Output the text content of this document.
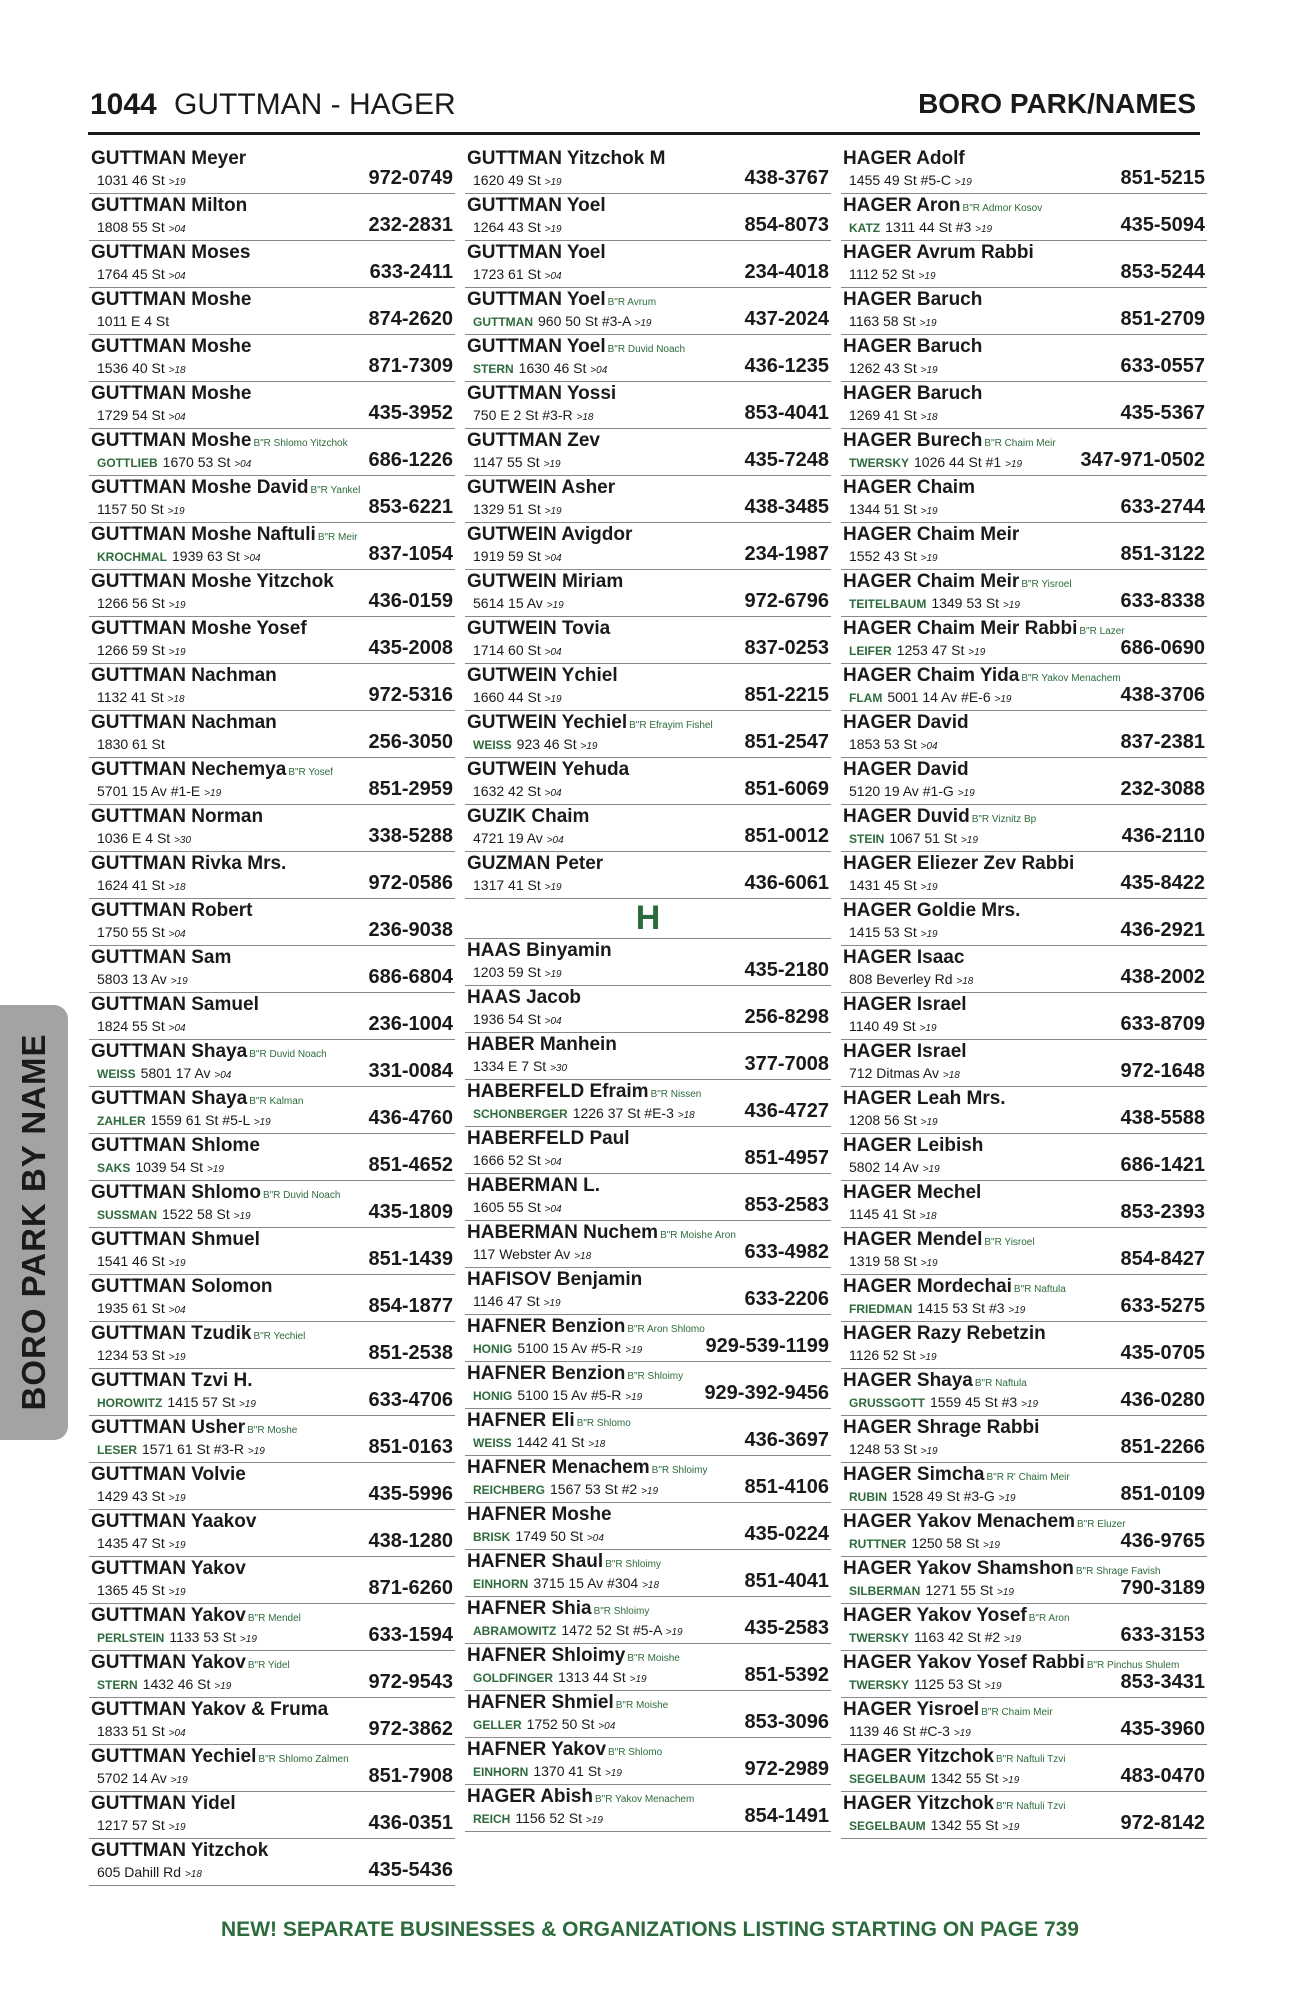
1044 GUTTMAN - HAGER	BORO PARK/NAMES
BORO PARK BY NAME
GUTTMAN Meyer
1031 46 St >19	972-0749
GUTTMAN Milton
1808 55 St >04	232-2831
GUTTMAN Moses
1764 45 St >04	633-2411
GUTTMAN Moshe
1011 E 4 St	874-2620
GUTTMAN Moshe
1536 40 St >18	871-7309
GUTTMAN Moshe
1729 54 St >04	435-3952
GUTTMAN Moshe B"R Shlomo Yitzchok
GOTTLIEB 1670 53 St >04	686-1226
GUTTMAN Moshe David B"R Yankel
1157 50 St >19	853-6221
GUTTMAN Moshe Naftuli B"R Meir
KROCHMAL 1939 63 St >04	837-1054
GUTTMAN Moshe Yitzchok
1266 56 St >19	436-0159
GUTTMAN Moshe Yosef
1266 59 St >19	435-2008
GUTTMAN Nachman
1132 41 St >18	972-5316
GUTTMAN Nachman
1830 61 St	256-3050
GUTTMAN Nechemya B"R Yosef
5701 15 Av #1-E >19	851-2959
GUTTMAN Norman
1036 E 4 St >30	338-5288
GUTTMAN Rivka Mrs.
1624 41 St >18	972-0586
GUTTMAN Robert
1750 55 St >04	236-9038
GUTTMAN Sam
5803 13 Av >19	686-6804
GUTTMAN Samuel
1824 55 St >04	236-1004
GUTTMAN Shaya B"R Duvid Noach
WEISS 5801 17 Av >04	331-0084
GUTTMAN Shaya B"R Kalman
ZAHLER 1559 61 St #5-L >19	436-4760
GUTTMAN Shlome
SAKS 1039 54 St >19	851-4652
GUTTMAN Shlomo B"R Duvid Noach
SUSSMAN 1522 58 St >19	435-1809
GUTTMAN Shmuel
1541 46 St >19	851-1439
GUTTMAN Solomon
1935 61 St >04	854-1877
GUTTMAN Tzudik B"R Yechiel
1234 53 St >19	851-2538
GUTTMAN Tzvi H.
HOROWITZ 1415 57 St >19	633-4706
GUTTMAN Usher B"R Moshe
LESER 1571 61 St #3-R >19	851-0163
GUTTMAN Volvie
1429 43 St >19	435-5996
GUTTMAN Yaakov
1435 47 St >19	438-1280
GUTTMAN Yakov
1365 45 St >19	871-6260
GUTTMAN Yakov B"R Mendel
PERLSTEIN 1133 53 St >19	633-1594
GUTTMAN Yakov B"R Yidel
STERN 1432 46 St >19	972-9543
GUTTMAN Yakov & Fruma
1833 51 St >04	972-3862
GUTTMAN Yechiel B"R Shlomo Zalmen
5702 14 Av >19	851-7908
GUTTMAN Yidel
1217 57 St >19	436-0351
GUTTMAN Yitzchok
605 Dahill Rd >18	435-5436
GUTTMAN Yitzchok M
1620 49 St >19	438-3767
GUTTMAN Yoel
1264 43 St >19	854-8073
GUTTMAN Yoel
1723 61 St >04	234-4018
GUTTMAN Yoel B"R Avrum
GUTTMAN 960 50 St #3-A >19	437-2024
GUTTMAN Yoel B"R Duvid Noach
STERN 1630 46 St >04	436-1235
GUTTMAN Yossi
750 E 2 St #3-R >18	853-4041
GUTTMAN Zev
1147 55 St >19	435-7248
GUTWEIN Asher
1329 51 St >19	438-3485
GUTWEIN Avigdor
1919 59 St >04	234-1987
GUTWEIN Miriam
5614 15 Av >19	972-6796
GUTWEIN Tovia
1714 60 St >04	837-0253
GUTWEIN Ychiel
1660 44 St >19	851-2215
GUTWEIN Yechiel B"R Efrayim Fishel
WEISS 923 46 St >19	851-2547
GUTWEIN Yehuda
1632 42 St >04	851-6069
GUZIK Chaim
4721 19 Av >04	851-0012
GUZMAN Peter
1317 41 St >19	436-6061
H
HAAS Binyamin
1203 59 St >19	435-2180
HAAS Jacob
1936 54 St >04	256-8298
HABER Manhein
1334 E 7 St >30	377-7008
HABERFELD Efraim B"R Nissen
SCHONBERGER 1226 37 St #E-3 >18 436-4727
HABERFELD Paul
1666 52 St >04	851-4957
HABERMAN L.
1605 55 St >04	853-2583
HABERMAN Nuchem B"R Moishe Aron
117 Webster Av >18	633-4982
HAFISOV Benjamin
1146 47 St >19	633-2206
HAFNER Benzion B"R Aron Shlomo
HONIG 5100 15 Av #5-R >19	929-539-1199
HAFNER Benzion B"R Shloimy
HONIG 5100 15 Av #5-R >19	929-392-9456
HAFNER Eli B"R Shlomo
WEISS 1442 41 St >18	436-3697
HAFNER Menachem B"R Shloimy
REICHBERG 1567 53 St #2 >19	851-4106
HAFNER Moshe
BRISK 1749 50 St >04	435-0224
HAFNER Shaul B"R Shloimy
EINHORN 3715 15 Av #304 >18	851-4041
HAFNER Shia B"R Shloimy
ABRAMOWITZ 1472 52 St #5-A >19	435-2583
HAFNER Shloimy B"R Moishe
GOLDFINGER 1313 44 St >19	851-5392
HAFNER Shmiel B"R Moishe
GELLER 1752 50 St >04	853-3096
HAFNER Yakov B"R Shlomo
EINHORN 1370 41 St >19	972-2989
HAGER Abish B"R Yakov Menachem
REICH 1156 52 St >19	854-1491
HAGER Adolf
1455 49 St #5-C >19	851-5215
HAGER Aron B"R Admor Kosov
KATZ 1311 44 St #3 >19	435-5094
HAGER Avrum Rabbi
1112 52 St >19	853-5244
HAGER Baruch
1163 58 St >19	851-2709
HAGER Baruch
1262 43 St >19	633-0557
HAGER Baruch
1269 41 St >18	435-5367
HAGER Burech B"R Chaim Meir
TWERSKY 1026 44 St #1 >19	347-971-0502
HAGER Chaim
1344 51 St >19	633-2744
HAGER Chaim Meir
1552 43 St >19	851-3122
HAGER Chaim Meir B"R Yisroel
TEITELBAUM 1349 53 St >19	633-8338
HAGER Chaim Meir Rabbi B"R Lazer
LEIFER 1253 47 St >19	686-0690
HAGER Chaim Yida B"R Yakov Menachem
FLAM 5001 14 Av #E-6 >19	438-3706
HAGER David
1853 53 St >04	837-2381
HAGER David
5120 19 Av #1-G >19	232-3088
HAGER Duvid B"R Viznitz Bp
STEIN 1067 51 St >19	436-2110
HAGER Eliezer Zev Rabbi
1431 45 St >19	435-8422
HAGER Goldie Mrs.
1415 53 St >19	436-2921
HAGER Isaac
808 Beverley Rd >18	438-2002
HAGER Israel
1140 49 St >19	633-8709
HAGER Israel
712 Ditmas Av >18	972-1648
HAGER Leah Mrs.
1208 56 St >19	438-5588
HAGER Leibish
5802 14 Av >19	686-1421
HAGER Mechel
1145 41 St >18	853-2393
HAGER Mendel B"R Yisroel
1319 58 St >19	854-8427
HAGER Mordechai B"R Naftula
FRIEDMAN 1415 53 St #3 >19	633-5275
HAGER Razy Rebetzin
1126 52 St >19	435-0705
HAGER Shaya B"R Naftula
GRUSSGOTT 1559 45 St #3 >19	436-0280
HAGER Shrage Rabbi
1248 53 St >19	851-2266
HAGER Simcha B"R R' Chaim Meir
RUBIN 1528 49 St #3-G >19	851-0109
HAGER Yakov Menachem B"R Eluzer
RUTTNER 1250 58 St >19	436-9765
HAGER Yakov Shamshon B"R Shrage Favish
SILBERMAN 1271 55 St >19	790-3189
HAGER Yakov Yosef B"R Aron
TWERSKY 1163 42 St #2 >19	633-3153
HAGER Yakov Yosef Rabbi B"R Pinchus Shulem
TWERSKY 1125 53 St >19	853-3431
HAGER Yisroel B"R Chaim Meir
1139 46 St #C-3 >19	435-3960
HAGER Yitzchok B"R Naftuli Tzvi
SEGELBAUM 1342 55 St >19	483-0470
HAGER Yitzchok B"R Naftuli Tzvi
SEGELBAUM 1342 55 St >19	972-8142
NEW! SEPARATE BUSINESSES & ORGANIZATIONS LISTING STARTING ON PAGE 739
